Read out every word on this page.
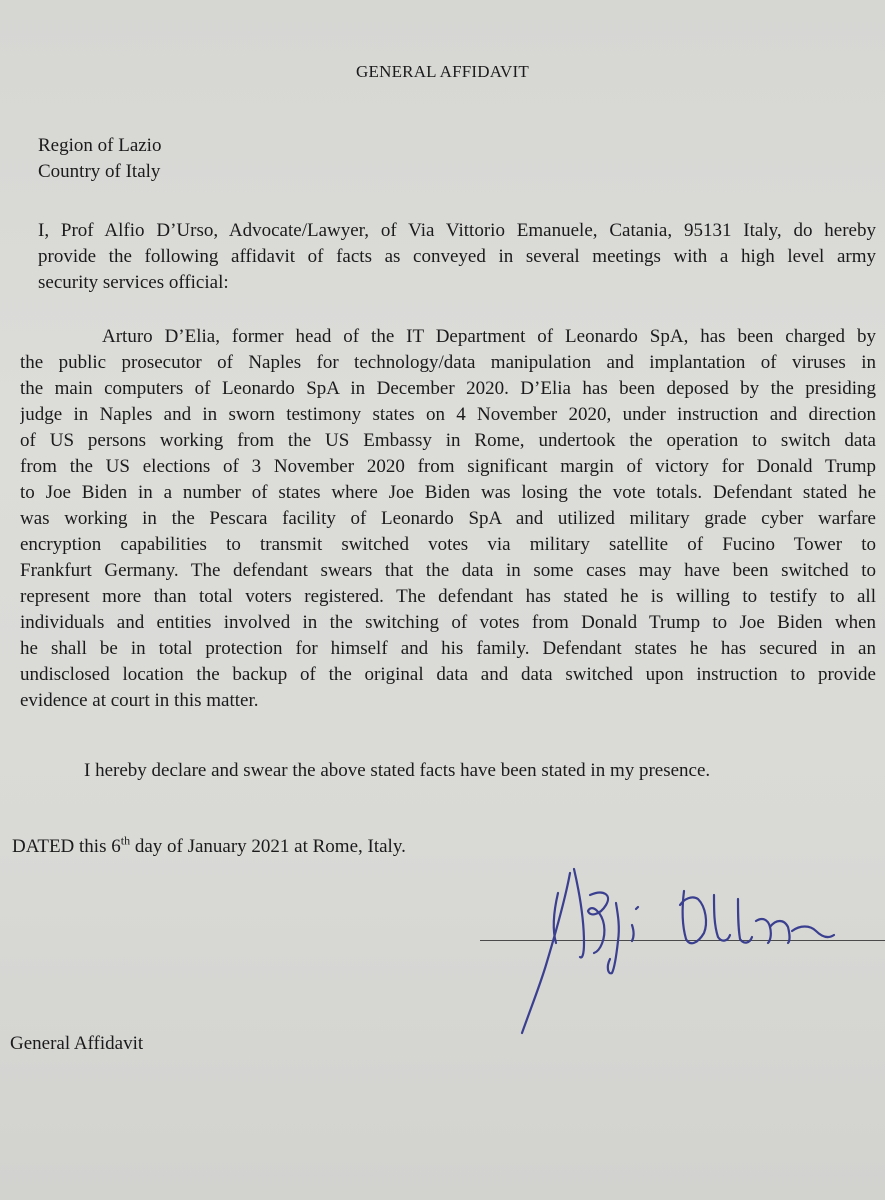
GENERAL AFFIDAVIT
Region of Lazio
Country of Italy
I, Prof Alfio D’Urso, Advocate/Lawyer, of Via Vittorio Emanuele, Catania, 95131 Italy, do hereby
provide the following affidavit of facts as conveyed in several meetings with a high level army
security services official:
Arturo D’Elia, former head of the IT Department of Leonardo SpA, has been charged by
the public prosecutor of Naples for technology/data manipulation and implantation of viruses in
the main computers of Leonardo SpA in December 2020. D’Elia has been deposed by the presiding
judge in Naples and in sworn testimony states on 4 November 2020, under instruction and direction
of US persons working from the US Embassy in Rome, undertook the operation to switch data
from the US elections of 3 November 2020 from significant margin of victory for Donald Trump
to Joe Biden in a number of states where Joe Biden was losing the vote totals. Defendant stated he
was working in the Pescara facility of Leonardo SpA and utilized military grade cyber warfare
encryption capabilities to transmit switched votes via military satellite of Fucino Tower to
Frankfurt Germany. The defendant swears that the data in some cases may have been switched to
represent more than total voters registered. The defendant has stated he is willing to testify to all
individuals and entities involved in the switching of votes from Donald Trump to Joe Biden when
he shall be in total protection for himself and his family. Defendant states he has secured in an
undisclosed location the backup of the original data and data switched upon instruction to provide
evidence at court in this matter.
I hereby declare and swear the above stated facts have been stated in my presence.
DATED this 6th day of January 2021 at Rome, Italy.
General Affidavit
